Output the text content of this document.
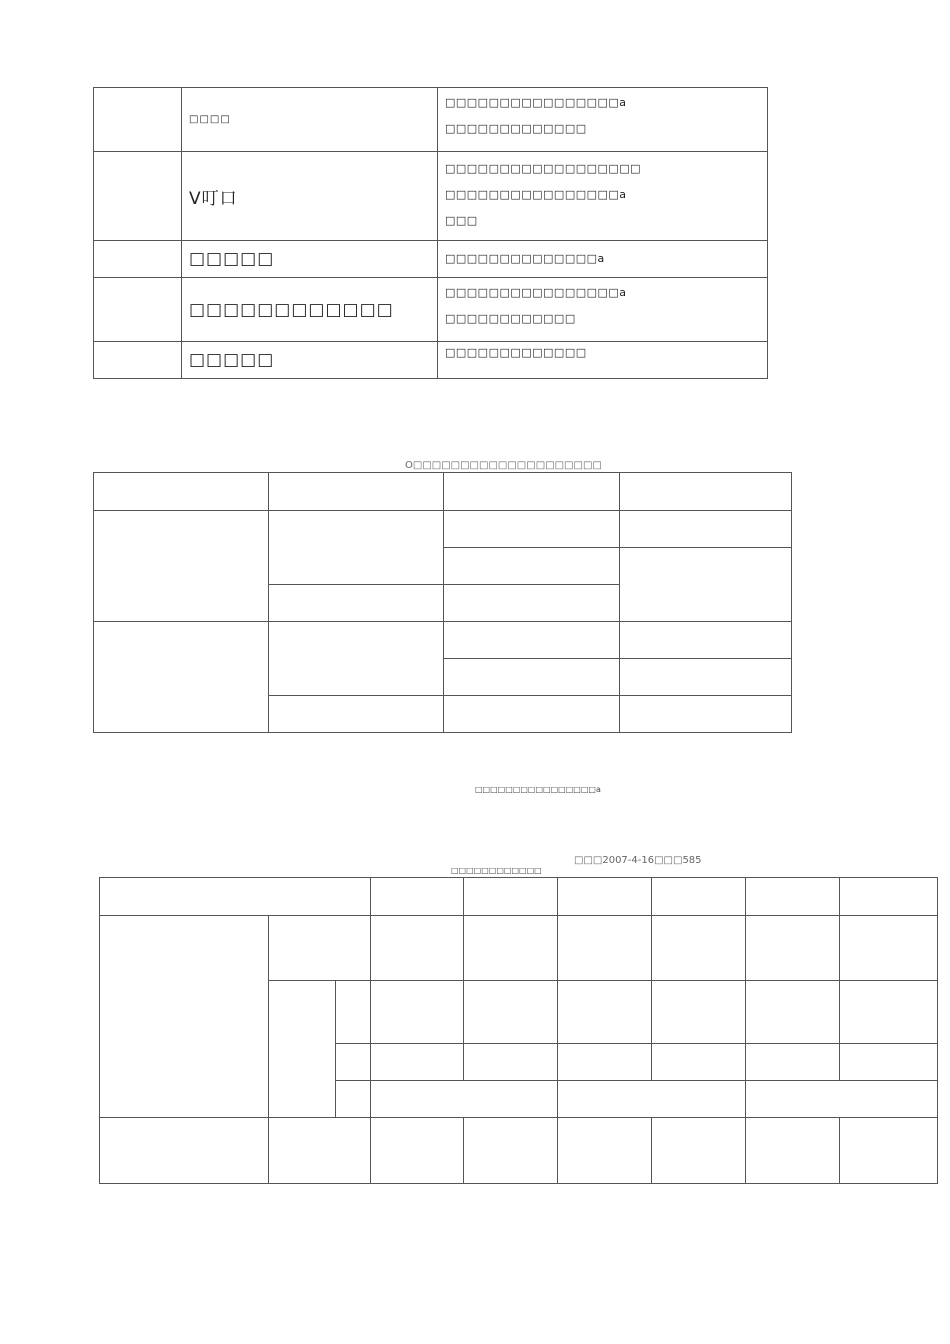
	□□□□	□□□□□□□□□□□□□□□□a
□□□□□□□□□□□□□

	V叮口	□□□□□□□□□□□□□□□□□□
□□□□□□□□□□□□□□□□a
□□□

	□□□□□	□□□□□□□□□□□□□□a

	□□□□□□□□□□□□	□□□□□□□□□□□□□□□□a
□□□□□□□□□□□□

	□□□□□	□□□□□□□□□□□□□
O□□□□□□□□□□□□□□□□□□□□

□□□□□□□□□□□□□□□□a
□□□2007-4-16□□□585
□□□□□□□□□□□□
